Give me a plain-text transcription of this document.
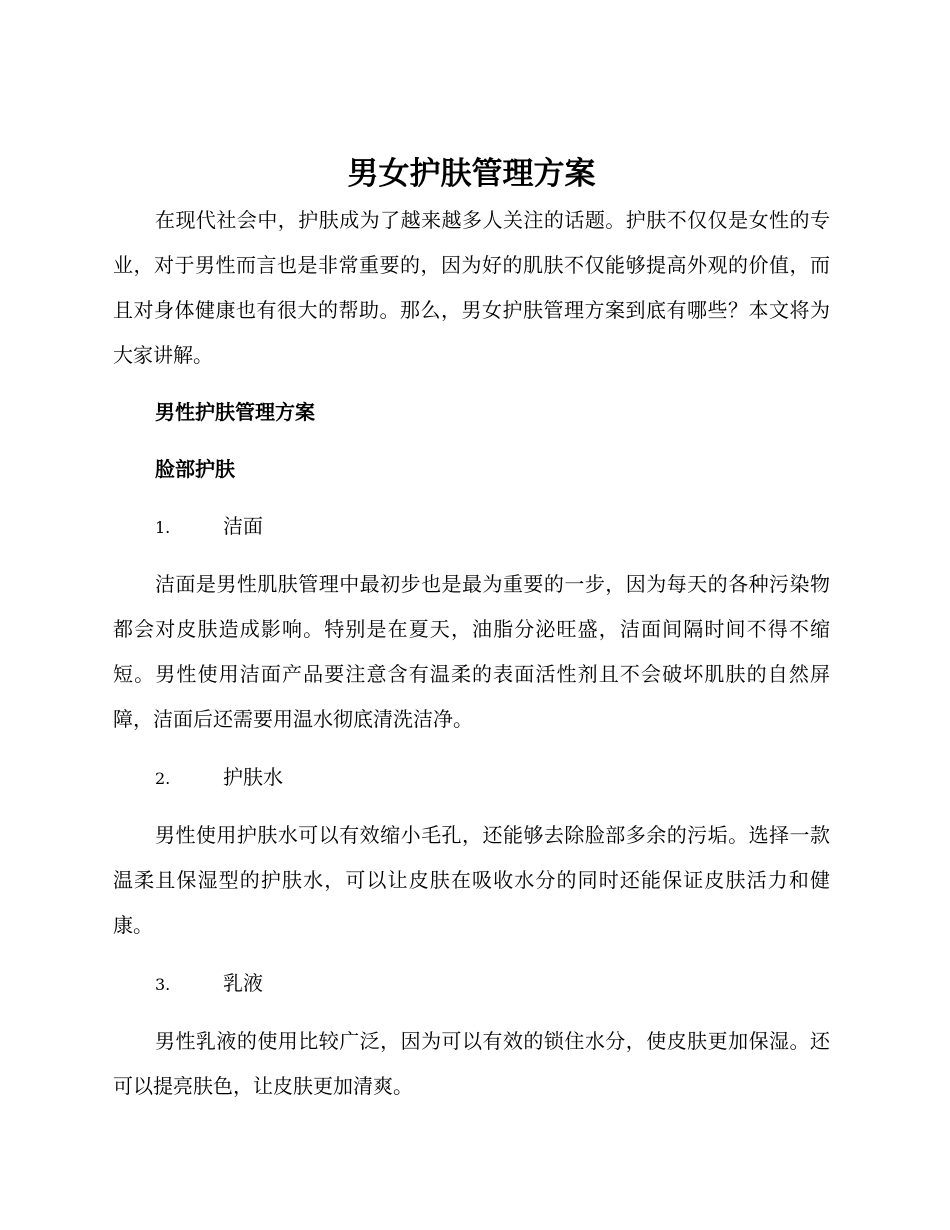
男女护肤管理方案

在现代社会中，护肤成为了越来越多人关注的话题。护肤不仅仅是女性的专业，对于男性而言也是非常重要的，因为好的肌肤不仅能够提高外观的价值，而且对身体健康也有很大的帮助。那么，男女护肤管理方案到底有哪些？本文将为大家讲解。

男性护肤管理方案

脸部护肤

1.	洁面

洁面是男性肌肤管理中最初步也是最为重要的一步，因为每天的各种污染物都会对皮肤造成影响。特别是在夏天，油脂分泌旺盛，洁面间隔时间不得不缩短。男性使用洁面产品要注意含有温柔的表面活性剂且不会破坏肌肤的自然屏障，洁面后还需要用温水彻底清洗洁净。

2.	护肤水

男性使用护肤水可以有效缩小毛孔，还能够去除脸部多余的污垢。选择一款温柔且保湿型的护肤水，可以让皮肤在吸收水分的同时还能保证皮肤活力和健康。

3.	乳液

男性乳液的使用比较广泛，因为可以有效的锁住水分，使皮肤更加保湿。还可以提亮肤色，让皮肤更加清爽。
